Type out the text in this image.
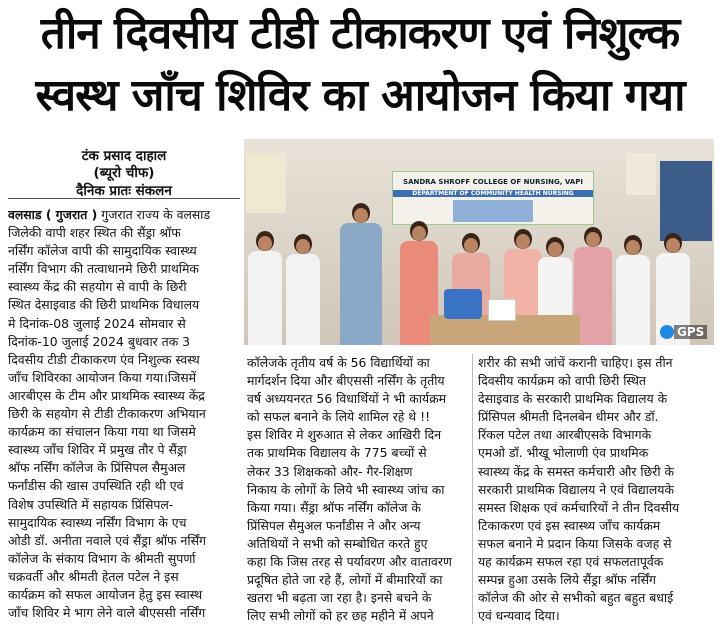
तीन दिवसीय टीडी टीकाकरण एवं निशुल्क
स्वस्थ जाँच शिविर का आयोजन किया गया
टंक प्रसाद दाहाल
(ब्यूरो चीफ)
दैनिक प्रातः संकलन
SANDRA SHROFF COLLEGE OF NURSING, VAPI
DEPARTMENT OF COMMUNITY HEALTH NURSING
GPS
वलसाड ( गुजरात ) गुजरात राज्य के वलसाड
जिलेकी वापी शहर स्थित की सैंड्रा श्रॉफ
नर्सिंग कॉलेज वापी की सामुदायिक स्वास्थ्य
नर्सिंग विभाग की तत्वाधानमे छिरी प्राथमिक
स्वास्थ्य केंद्र की सहयोग से वापी के छिरी
स्थित देसाइवाड की छिरी प्राथमिक विधालय
मे दिनांक-08 जुलाई 2024 सोमवार से
दिनांक-10 जुलाई 2024 बुधवार तक 3
दिवसीय टीडी टीकाकरण एंव निशुल्क स्वस्थ
जाँच शिविरका आयोजन किया गया।जिसमें
आरबीएस के टीम और प्राथमिक स्वास्थ्य केंद्र
छिरी के सहयोग से टीडी टीकाकरण अभियान
कार्यक्रम का संचालन किया गया था जिसमे
स्वास्थ्य जाँच शिविर में प्रमुख तौर पे सैंड्रा
श्रॉफ नर्सिंग कॉलेज के प्रिंसिपल सैमुअल
फर्नांडीस की खास उपस्थिति रही थी एवं
विशेष उपस्थिति में सहायक प्रिंसिपल-
सामुदायिक स्वास्थ्य नर्सिंग विभाग के एच
ओडी डॉ. अनीता नवाले एवं सैंड्रा श्रॉफ नर्सिंग
कॉलेज के संकाय विभाग के श्रीमती सुपर्णा
चक्रवर्ती और श्रीमती हेतल पटेल ने इस
कार्यक्रम को सफल आयोजन हेतु इस स्वास्थ
जाँच शिविर मे भाग लेने वाले बीएससी नर्सिंग
कॉलेजके तृतीय वर्ष के 56 विद्यार्थियों का
मार्गदर्शन दिया और बीएससी नर्सिंग के तृतीय
वर्ष अध्ययनरत 56 विधार्थियों ने भी कार्यक्रम
को सफल बनाने के लिये शामिल रहे थे !!
इस शिविर मे शुरुआत से लेकर आखिरी दिन
तक प्राथमिक विद्यालय के 775 बच्चों से
लेकर 33 शिक्षकको और- गैर-शिक्षण
निकाय के लोगों के लिये भी स्वास्थ्य जांच का
किया गया। सैंड्रा श्रॉफ नर्सिंग कॉलेज के
प्रिंसिपल सैमुअल फर्नांडीस ने और अन्य
अतिथियों ने सभी को सम्बोधित करते हुए
कहा कि जिस तरह से पर्यावरण और वातावरण
प्रदूषित होते जा रहे हैं, लोगों में बीमारियों का
खतरा भी बढ़ता जा रहा है। इनसे बचने के
लिए सभी लोगों को हर छह महीने में अपने
शरीर की सभी जांचें करानी चाहिए। इस तीन
दिवसीय कार्यक्रम को वापी छिरी स्थित
देसाइवाड के सरकारी प्राथमिक विद्यालय के
प्रिंसिपल श्रीमती दिनलबेन धीमर और डॉ.
रिंकल पटेल तथा आरबीएसके विभागके
एमओ डॉ. भीखू भोलाणी एंव प्राथमिक
स्वास्थ्य केंद्र के समस्त कर्मचारी और छिरी के
सरकारी प्राथमिक विद्यालय ने एवं विद्यालयके
समस्त शिक्षक एवं कर्मचारियों ने तीन दिवसीय
टिकाकरण एवं इस स्वास्थ्य जाँच कार्यक्रम
सफल बनाने मे प्रदान किया जिसके वजह से
यह कार्यक्रम सफल रहा एवं सफलतापूर्वक
सम्पन्न हुआ उसके लिये सैंड्रा श्रॉफ नर्सिंग
कॉलेज की ओर से सभीको बहुत बहुत बधाई
एवं धन्यवाद दिया।
